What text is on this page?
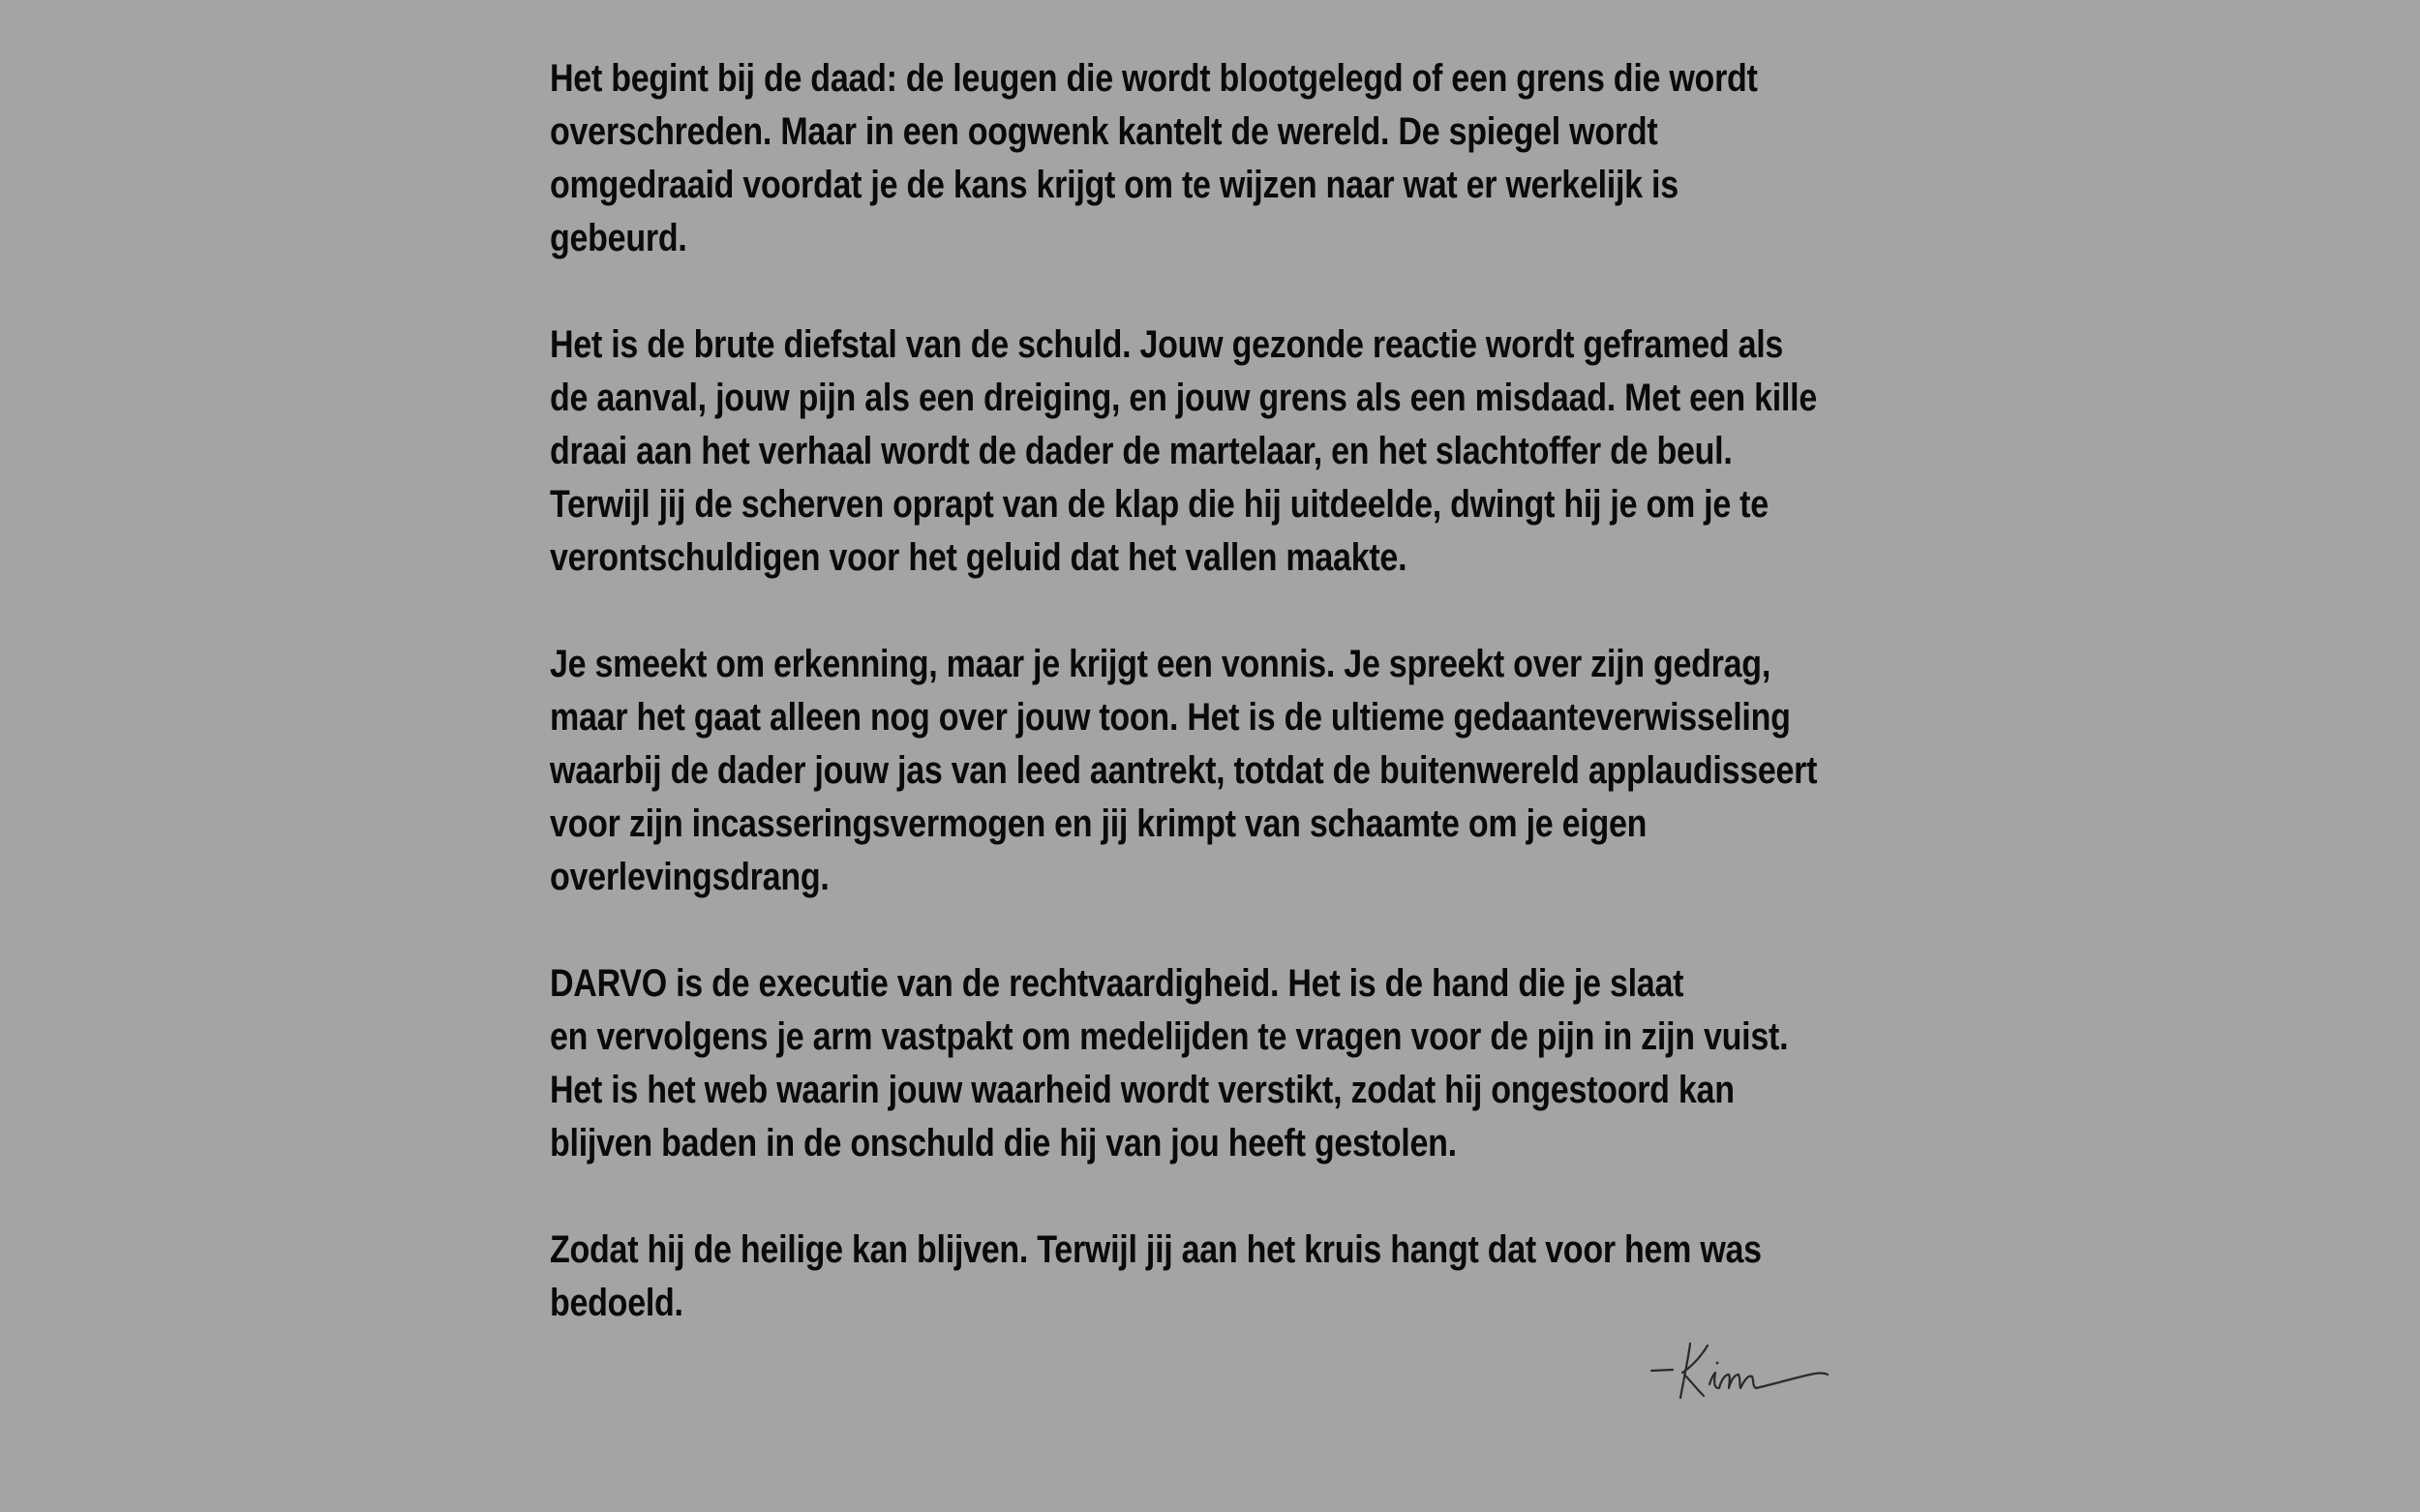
Het begint bij de daad: de leugen die wordt blootgelegd of een grens die wordt
overschreden. Maar in een oogwenk kantelt de wereld. De spiegel wordt
omgedraaid voordat je de kans krijgt om te wijzen naar wat er werkelijk is
gebeurd.
Het is de brute diefstal van de schuld. Jouw gezonde reactie wordt geframed als
de aanval, jouw pijn als een dreiging, en jouw grens als een misdaad. Met een kille
draai aan het verhaal wordt de dader de martelaar, en het slachtoffer de beul.
Terwijl jij de scherven oprapt van de klap die hij uitdeelde, dwingt hij je om je te
verontschuldigen voor het geluid dat het vallen maakte.
Je smeekt om erkenning, maar je krijgt een vonnis. Je spreekt over zijn gedrag,
maar het gaat alleen nog over jouw toon. Het is de ultieme gedaanteverwisseling
waarbij de dader jouw jas van leed aantrekt, totdat de buitenwereld applaudisseert
voor zijn incasseringsvermogen en jij krimpt van schaamte om je eigen
overlevingsdrang.
DARVO is de executie van de rechtvaardigheid. Het is de hand die je slaat
en vervolgens je arm vastpakt om medelijden te vragen voor de pijn in zijn vuist.
Het is het web waarin jouw waarheid wordt verstikt, zodat hij ongestoord kan
blijven baden in de onschuld die hij van jou heeft gestolen.
Zodat hij de heilige kan blijven. Terwijl jij aan het kruis hangt dat voor hem was
bedoeld.
